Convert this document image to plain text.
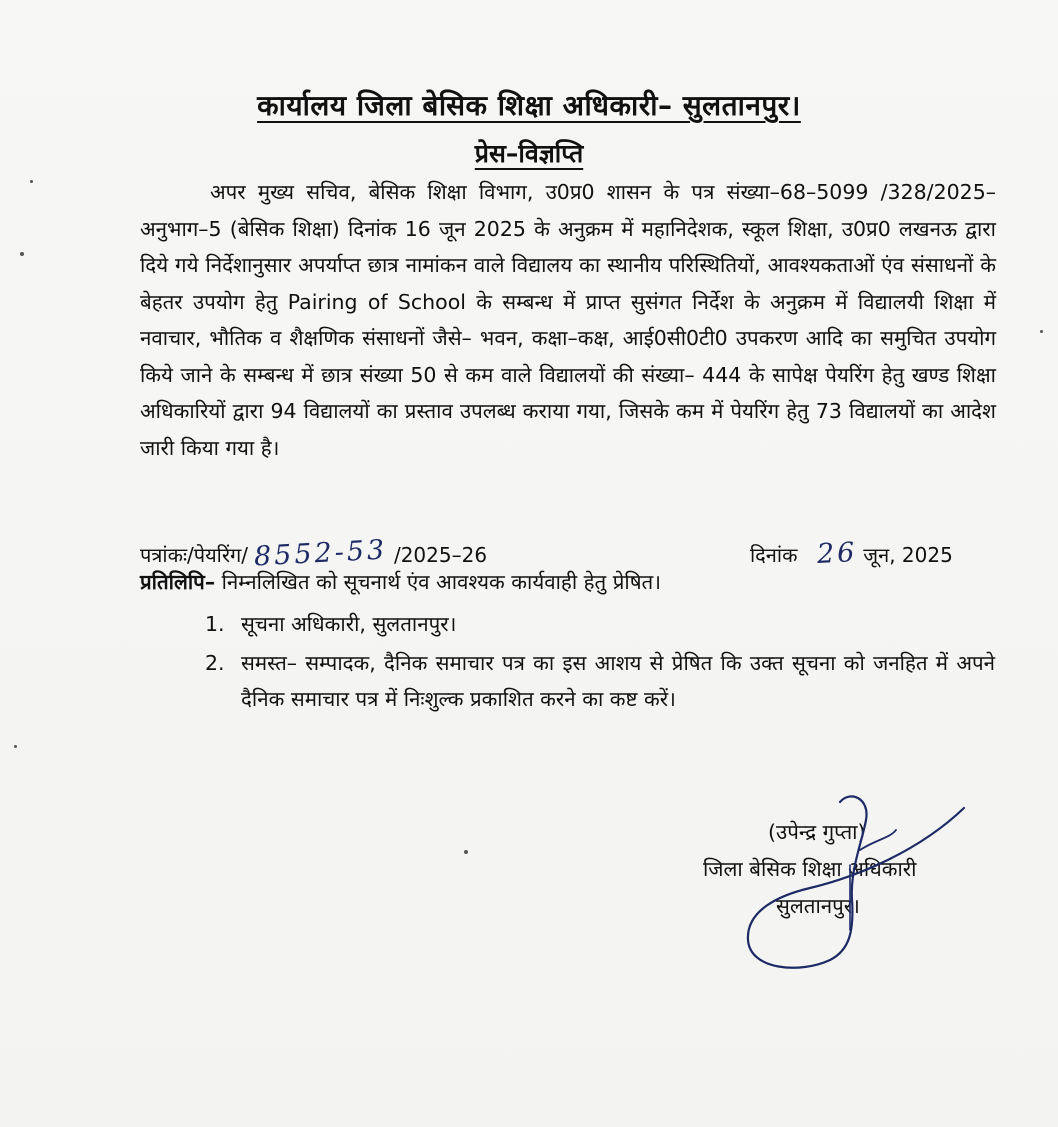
कार्यालय जिला बेसिक शिक्षा अधिकारी– सुलतानपुर।
प्रेस–विज्ञप्ति

अपर मुख्य सचिव, बेसिक शिक्षा विभाग, उ0प्र0 शासन के पत्र संख्या–68–5099 /328/2025–अनुभाग–5 (बेसिक शिक्षा) दिनांक 16 जून 2025 के अनुक्रम में महानिदेशक, स्कूल शिक्षा, उ0प्र0 लखनऊ द्वारा दिये गये निर्देशानुसार अपर्याप्त छात्र नामांकन वाले विद्यालय का स्थानीय परिस्थितियों, आवश्यकताओं एंव संसाधनों के बेहतर उपयोग हेतु Pairing of School के सम्बन्ध में प्राप्त सुसंगत निर्देश के अनुक्रम में विद्यालयी शिक्षा में नवाचार, भौतिक व शैक्षणिक संसाधनों जैसे– भवन, कक्षा–कक्ष, आई0सी0टी0 उपकरण आदि का समुचित उपयोग किये जाने के सम्बन्ध में छात्र संख्या 50 से कम वाले विद्यालयों की संख्या– 444 के सापेक्ष पेयरिंग हेतु खण्ड शिक्षा अधिकारियों द्वारा 94 विद्यालयों का प्रस्ताव उपलब्ध कराया गया, जिसके कम में पेयरिंग हेतु 73 विद्यालयों का आदेश जारी किया गया है।

पत्रांकः/पेयरिंग/ 8552-53 /2025–26	दिनांक 26 जून, 2025
प्रतिलिपि– निम्नलिखित को सूचनार्थ एंव आवश्यक कार्यवाही हेतु प्रेषित।
1. सूचना अधिकारी, सुलतानपुर।
2. समस्त– सम्पादक, दैनिक समाचार पत्र का इस आशय से प्रेषित कि उक्त सूचना को जनहित में अपने दैनिक समाचार पत्र में निःशुल्क प्रकाशित करने का कष्ट करें।
(उपेन्द्र गुप्ता)
जिला बेसिक शिक्षा अधिकारी
सुलतानपुर।
